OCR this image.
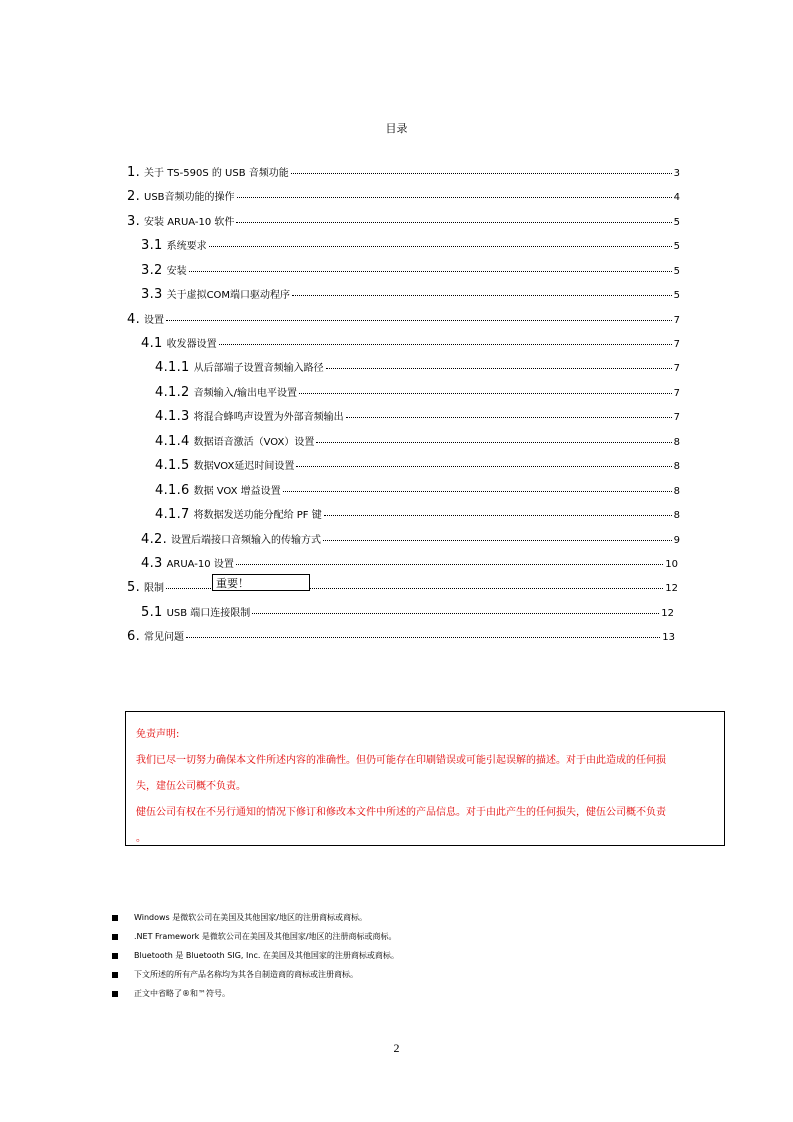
目录
1. 关于 TS-590S 的 USB 音频功能	3
2. USB音频功能的操作	4
3. 安装 ARUA-10 软件	5
3.1 系统要求	5
3.2 安装	5
3.3 关于虚拟COM端口驱动程序	5
4. 设置	7
4.1 收发器设置	7
4.1.1 从后部端子设置音频输入路径	7
4.1.2 音频输入/输出电平设置	7
4.1.3 将混合蜂鸣声设置为外部音频输出	7
4.1.4 数据语音激活（VOX）设置	8
4.1.5 数据VOX延迟时间设置	8
4.1.6 数据 VOX 增益设置	8
4.1.7 将数据发送功能分配给 PF 键	8
4.2. 设置后端接口音频输入的传输方式	9
4.3 ARUA-10 设置	10
5. 限制	12
5.1 USB 端口连接限制	12
6. 常见问题	13
重要！

免责声明:

我们已尽一切努力确保本文件所述内容的准确性。但仍可能存在印刷错误或可能引起误解的描述。对于由此造成的任何损

失，建伍公司概不负责。

健伍公司有权在不另行通知的情况下修订和修改本文件中所述的产品信息。对于由此产生的任何损失，健伍公司概不负责

。

Windows 是微软公司在美国及其他国家/地区的注册商标或商标。
.NET Framework 是微软公司在美国及其他国家/地区的注册商标或商标。
Bluetooth 是 Bluetooth SIG, Inc. 在美国及其他国家的注册商标或商标。
下文所述的所有产品名称均为其各自制造商的商标或注册商标。
正文中省略了®和™符号。
2
